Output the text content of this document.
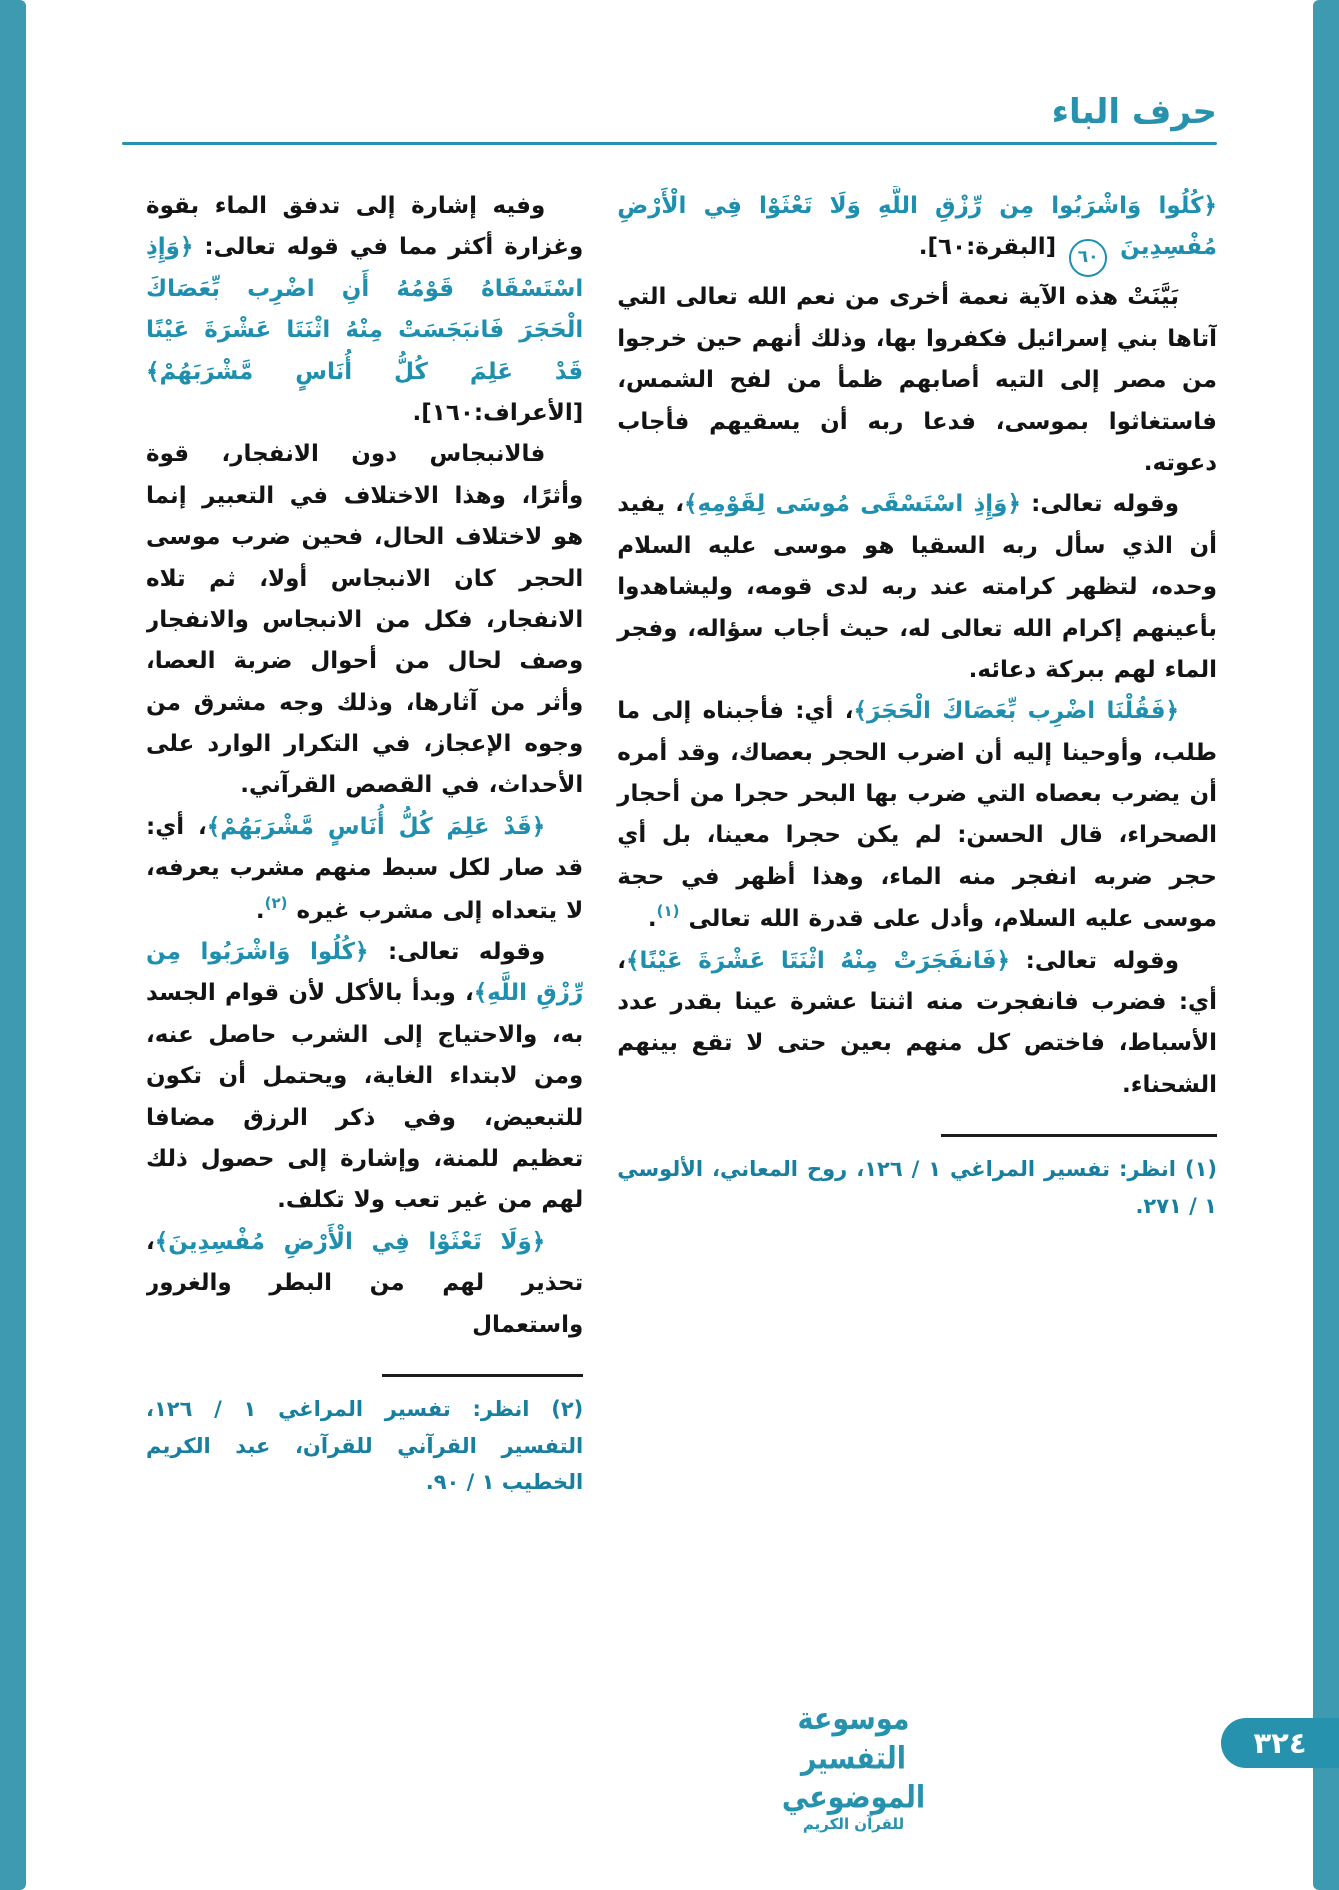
حرف الباء

﴿كُلُوا وَاشْرَبُوا مِن رِّزْقِ اللَّهِ وَلَا تَعْثَوْا فِي الْأَرْضِ مُفْسِدِينَ ٦٠ [البقرة:٦٠].

بَيَّنَتْ هذه الآية نعمة أخرى من نعم الله تعالى التي آتاها بني إسرائيل فكفروا بها، وذلك أنهم حين خرجوا من مصر إلى التيه أصابهم ظمأ من لفح الشمس، فاستغاثوا بموسى، فدعا ربه أن يسقيهم فأجاب دعوته.

وقوله تعالى: ﴿وَإِذِ اسْتَسْقَى مُوسَى لِقَوْمِهِ﴾، يفيد أن الذي سأل ربه السقيا هو موسى عليه السلام وحده، لتظهر كرامته عند ربه لدى قومه، وليشاهدوا بأعينهم إكرام الله تعالى له، حيث أجاب سؤاله، وفجر الماء لهم ببركة دعائه.

﴿فَقُلْنَا اضْرِب بِّعَصَاكَ الْحَجَرَ﴾، أي: فأجبناه إلى ما طلب، وأوحينا إليه أن اضرب الحجر بعصاك، وقد أمره أن يضرب بعصاه التي ضرب بها البحر حجرا من أحجار الصحراء، قال الحسن: لم يكن حجرا معينا، بل أي حجر ضربه انفجر منه الماء، وهذا أظهر في حجة موسى عليه السلام، وأدل على قدرة الله تعالى $^{(١)}$.

وقوله تعالى: ﴿فَانفَجَرَتْ مِنْهُ اثْنَتَا عَشْرَةَ عَيْنًا﴾، أي: فضرب فانفجرت منه اثنتا عشرة عينا بقدر عدد الأسباط، فاختص كل منهم بعين حتى لا تقع بينهم الشحناء.

(١) انظر: تفسير المراغي ١ / ١٢٦، روح المعاني، الألوسي ١ / ٢٧١.

وفيه إشارة إلى تدفق الماء بقوة وغزارة أكثر مما في قوله تعالى: ﴿وَإِذِ اسْتَسْقَاهُ قَوْمُهُ أَنِ اضْرِب بِّعَصَاكَ الْحَجَرَ فَانبَجَسَتْ مِنْهُ اثْنَتَا عَشْرَةَ عَيْنًا قَدْ عَلِمَ كُلُّ أُنَاسٍ مَّشْرَبَهُمْ﴾ [الأعراف:١٦٠].

فالانبجاس دون الانفجار، قوة وأثرًا، وهذا الاختلاف في التعبير إنما هو لاختلاف الحال، فحين ضرب موسى الحجر كان الانبجاس أولا، ثم تلاه الانفجار، فكل من الانبجاس والانفجار وصف لحال من أحوال ضربة العصا، وأثر من آثارها، وذلك وجه مشرق من وجوه الإعجاز، في التكرار الوارد على الأحداث، في القصص القرآني.

﴿قَدْ عَلِمَ كُلُّ أُنَاسٍ مَّشْرَبَهُمْ﴾، أي: قد صار لكل سبط منهم مشرب يعرفه، لا يتعداه إلى مشرب غيره $^{(٢)}$.

وقوله تعالى: ﴿كُلُوا وَاشْرَبُوا مِن رِّزْقِ اللَّهِ﴾، وبدأ بالأكل لأن قوام الجسد به، والاحتياج إلى الشرب حاصل عنه، ومن لابتداء الغاية، ويحتمل أن تكون للتبعيض، وفي ذكر الرزق مضافا تعظيم للمنة، وإشارة إلى حصول ذلك لهم من غير تعب ولا تكلف.

﴿وَلَا تَعْثَوْا فِي الْأَرْضِ مُفْسِدِينَ﴾، تحذير لهم من البطر والغرور واستعمال

(٢) انظر: تفسير المراغي ١ / ١٢٦، التفسير القرآني للقرآن، عبد الكريم الخطيب ١ / ٩٠.

موسوعة التفسير الموضوعي
للقرآن الكريم
٣٢٤
